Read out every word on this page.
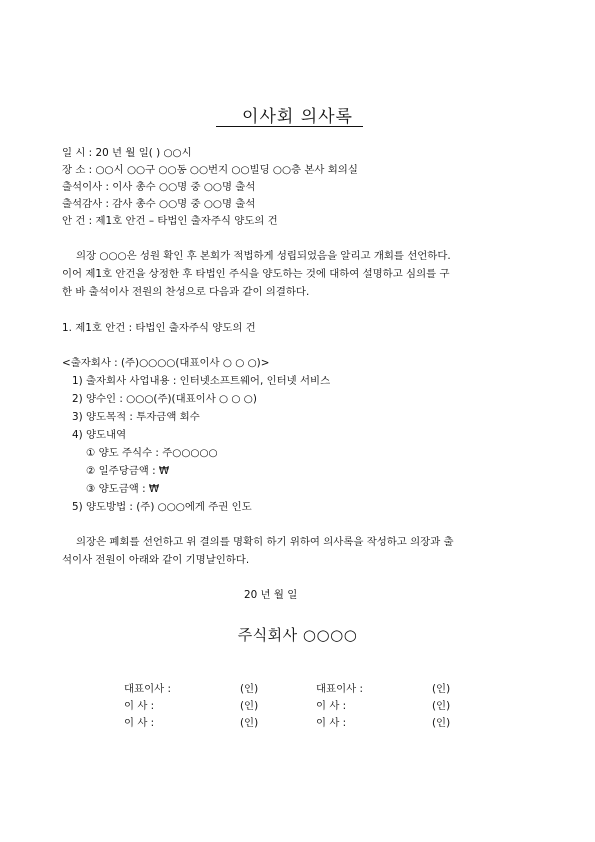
이사회 의사록
일 시 : 20 년 월 일( ) ○○시
장 소 : ○○시 ○○구 ○○동 ○○번지 ○○빌딩 ○○층 본사 회의실
출석이사 : 이사 총수 ○○명 중 ○○명 출석
출석감사 : 감사 총수 ○○명 중 ○○명 출석
안 건 : 제1호 안건 – 타법인 출자주식 양도의 건
의장 ○○○은 성원 확인 후 본회가 적법하게 성립되었음을 알리고 개회를 선언하다.
이어 제1호 안건을 상정한 후 타법인 주식을 양도하는 것에 대하여 설명하고 심의를 구
한 바 출석이사 전원의 찬성으로 다음과 같이 의결하다.
1. 제1호 안건 : 타법인 출자주식 양도의 건
<출자회사 : (주)○○○○(대표이사 ○ ○ ○)>
1) 출자회사 사업내용 : 인터넷소프트웨어, 인터넷 서비스
2) 양수인 : ○○○(주)(대표이사 ○ ○ ○)
3) 양도목적 : 투자금액 회수
4) 양도내역
① 양도 주식수 : 주○○○○○
② 일주당금액 : ₩
③ 양도금액 : ₩
5) 양도방법 : (주) ○○○에게 주권 인도
의장은 폐회를 선언하고 위 결의를 명확히 하기 위하여 의사록을 작성하고 의장과 출
석이사 전원이 아래와 같이 기명날인하다.
20 년 월 일
주식회사 ○○○○
대표이사 :	(인)	대표이사 :	(인)
이 사 :	(인)	이 사 :	(인)
이 사 :	(인)	이 사 :	(인)
